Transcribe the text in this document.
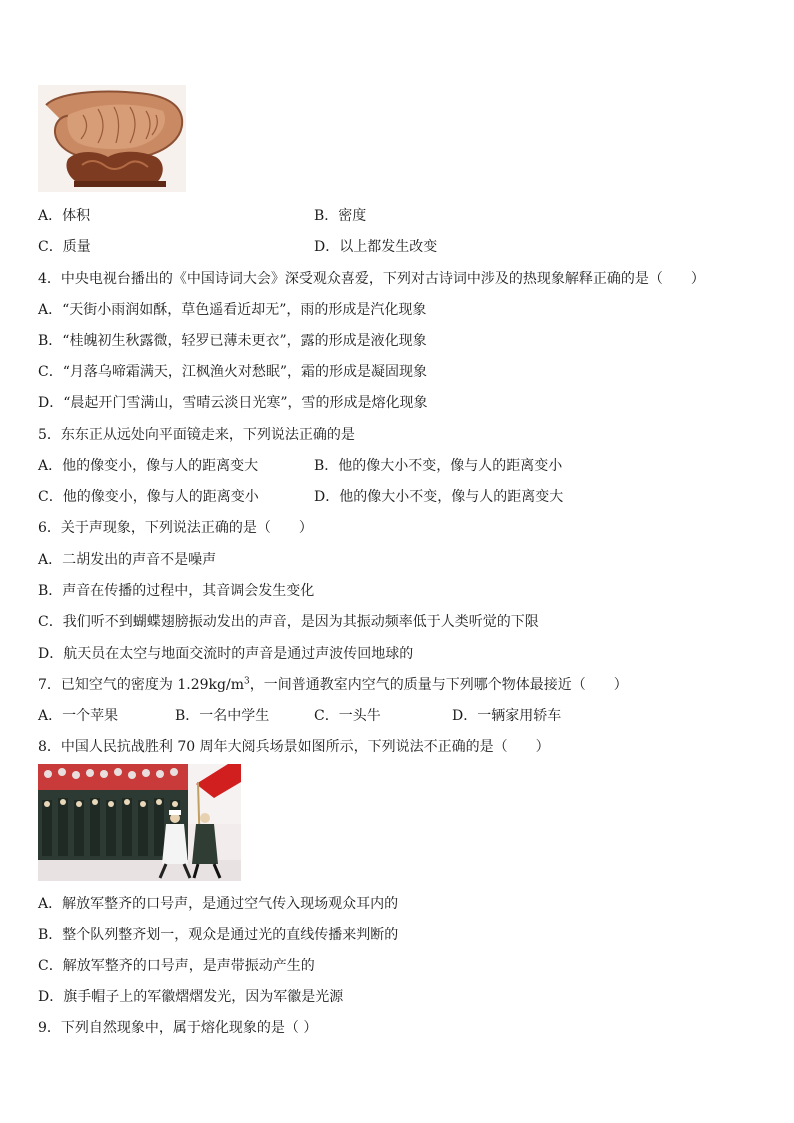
A．体积	B．密度
C．质量	D．以上都发生改变
4．中央电视台播出的《中国诗词大会》深受观众喜爱，下列对古诗词中涉及的热现象解释正确的是（　　）
A．“天街小雨润如酥，草色遥看近却无”，雨的形成是汽化现象
B．“桂魄初生秋露微，轻罗已薄未更衣”，露的形成是液化现象
C．“月落乌啼霜满天，江枫渔火对愁眠”，霜的形成是凝固现象
D．“晨起开门雪满山，雪晴云淡日光寒”，雪的形成是熔化现象
5．东东正从远处向平面镜走来，下列说法正确的是
A．他的像变小，像与人的距离变大	B．他的像大小不变，像与人的距离变小
C．他的像变小，像与人的距离变小	D．他的像大小不变，像与人的距离变大
6．关于声现象，下列说法正确的是（　　）
A．二胡发出的声音不是噪声
B．声音在传播的过程中，其音调会发生变化
C．我们听不到蝴蝶翅膀振动发出的声音，是因为其振动频率低于人类听觉的下限
D．航天员在太空与地面交流时的声音是通过声波传回地球的
7．已知空气的密度为 $1.29kg/m^3$，一间普通教室内空气的质量与下列哪个物体最接近（　　）
A．一个苹果	B．一名中学生	C．一头牛	D．一辆家用轿车
8．中国人民抗战胜利 70 周年大阅兵场景如图所示，下列说法不正确的是（　　）
A．解放军整齐的口号声，是通过空气传入现场观众耳内的
B．整个队列整齐划一，观众是通过光的直线传播来判断的
C．解放军整齐的口号声，是声带振动产生的
D．旗手帽子上的军徽熠熠发光，因为军徽是光源
9．下列自然现象中，属于熔化现象的是（ ）
